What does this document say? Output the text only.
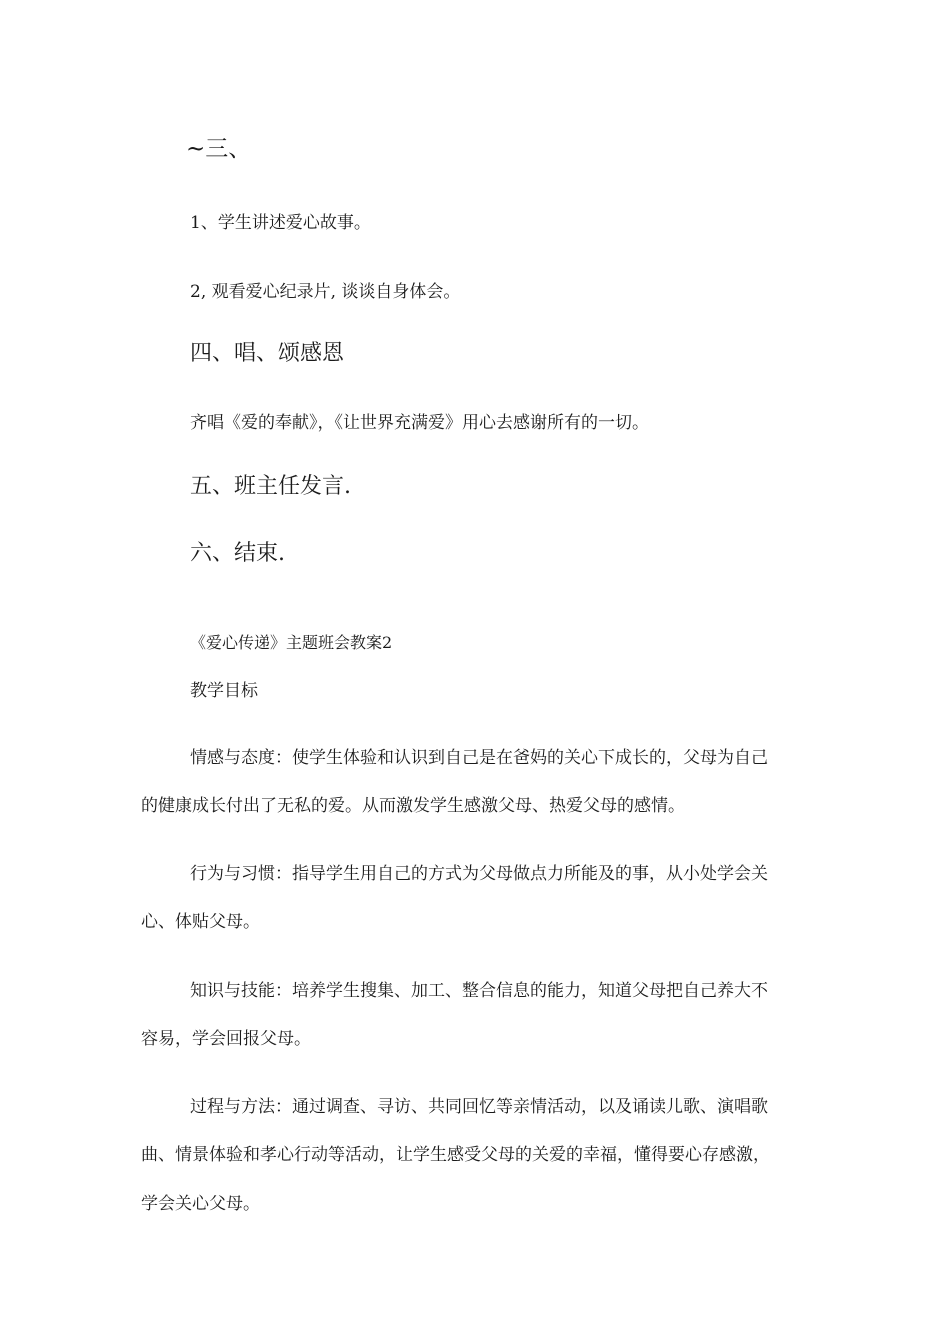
~三、
1、学生讲述爱心故事。
2, 观看爱心纪录片, 谈谈自身体会。
四、唱、颂感恩
齐唱《爱的奉献》，《让世界充满爱》用心去感谢所有的一切。
五、班主任发言.
六、结束.
《爱心传递》主题班会教案2
教学目标
情感与态度：使学生体验和认识到自己是在爸妈的关心下成长的，父母为自己
的健康成长付出了无私的爱。从而激发学生感激父母、热爱父母的感情。
行为与习惯：指导学生用自己的方式为父母做点力所能及的事，从小处学会关
心、体贴父母。
知识与技能：培养学生搜集、加工、整合信息的能力，知道父母把自己养大不
容易，学会回报父母。
过程与方法：通过调查、寻访、共同回忆等亲情活动，以及诵读儿歌、演唱歌
曲、情景体验和孝心行动等活动，让学生感受父母的关爱的幸福，懂得要心存感激，
学会关心父母。
